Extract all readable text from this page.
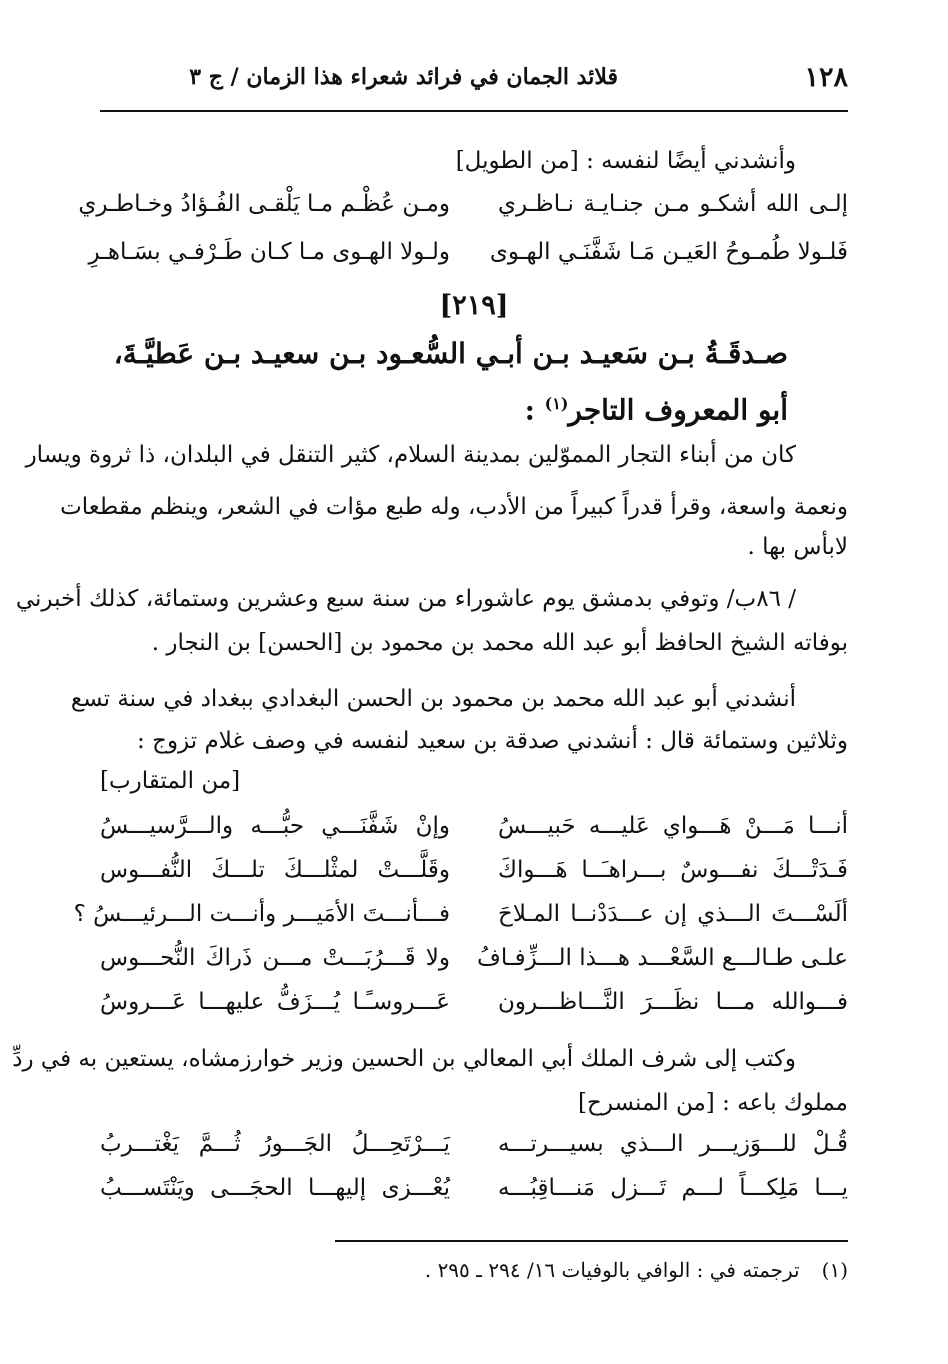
١٢٨
قلائد الجمان في فرائد شعراء هذا الزمان / ج ٣
وأنشدني أيضًا لنفسه : [من الطويل]
إلـى الله أشكـو مـن جنـايـة نـاظـري
ومـن عُظْـم مـا يَلْقـى الفُـؤادُ وخـاطـري
فَلـولا طُمـوحُ العَيـن مَـا شَفَّنَـي الهـوى
ولـولا الهـوى مـا كـان طَـرْفـي بسَـاهـرِ
[٢١٩]
صـدقَـةُ بـن سَعيـد بـن أبـي السُّعـود بـن سعيـد بـن عَطيَّـةَ،
أبو المعروف التاجر$^{(١)}$ :
كان من أبناء التجار المموّلين بمدينة السلام، كثير التنقل في البلدان، ذا ثروة ويسار
ونعمة واسعة، وقرأ قدراً كبيراً من الأدب، وله طبع مؤات في الشعر، وينظم مقطعات
لابأس بها .
/ ٨٦ب/ وتوفي بدمشق يوم عاشوراء من سنة سبع وعشرين وستمائة، كذلك أخبرني
بوفاته الشيخ الحافظ أبو عبد الله محمد بن محمود بن [الحسن] بن النجار .
أنشدني أبو عبد الله محمد بن محمود بن الحسن البغدادي ببغداد في سنة تسع
وثلاثين وستمائة قال : أنشدني صدقة بن سعيد لنفسه في وصف غلام تزوج :
[من المتقارب]
أنـــا مَـــنْ هَـــواي عَليـــه حَبيـــسُ
وإنْ شَفَّنَـــي حبُّـــه والـــرَّسيـــسُ
فَـدَتْـــكَ نفـــوسٌ بـــراهـَــا هَـــواكَ
وقَلَّـــتْ لمثْلـــكَ تلـــكَ النُّفـــوس
ألَسْـــتَ الـــذي إن عـــدَدْنــا المـلاحَ
فـــأنـــتَ الأمَيـــر وأنـــت الـــرئيـــسُ ؟
علـى طـالـــع السَّعْـــد هـــذا الـــزِّفـافُ
ولا قَـــرُبَـــتْ مـــن ذَراكَ النُّحـــوس
فـــوالله مـــا نظَـــرَ النَّـــاظـــرون
عَـــروسـًـا يُـــزَفُّ عليهـــا عَـــروسُ
وكتب إلى شرف الملك أبي المعالي بن الحسين وزير خوارزمشاه، يستعين به في ردِّ
مملوك باعه : [من المنسرح]
قُـلْ للـــوَزيـــر الـــذي بسيـــرتـــه
يَـــرْتَحِـــلُ الجَـــورُ ثُـــمَّ يَغْتـــربُ
يـــا مَلِكـــاً لـــم تَـــزل مَنـــاقِبُـــه
يُعْـــزى إليهـــا الحجَـــى ويَنْتَســـبُ
(١)ترجمته في : الوافي بالوفيات ١٦/ ٢٩٤ ـ ٢٩٥ .
